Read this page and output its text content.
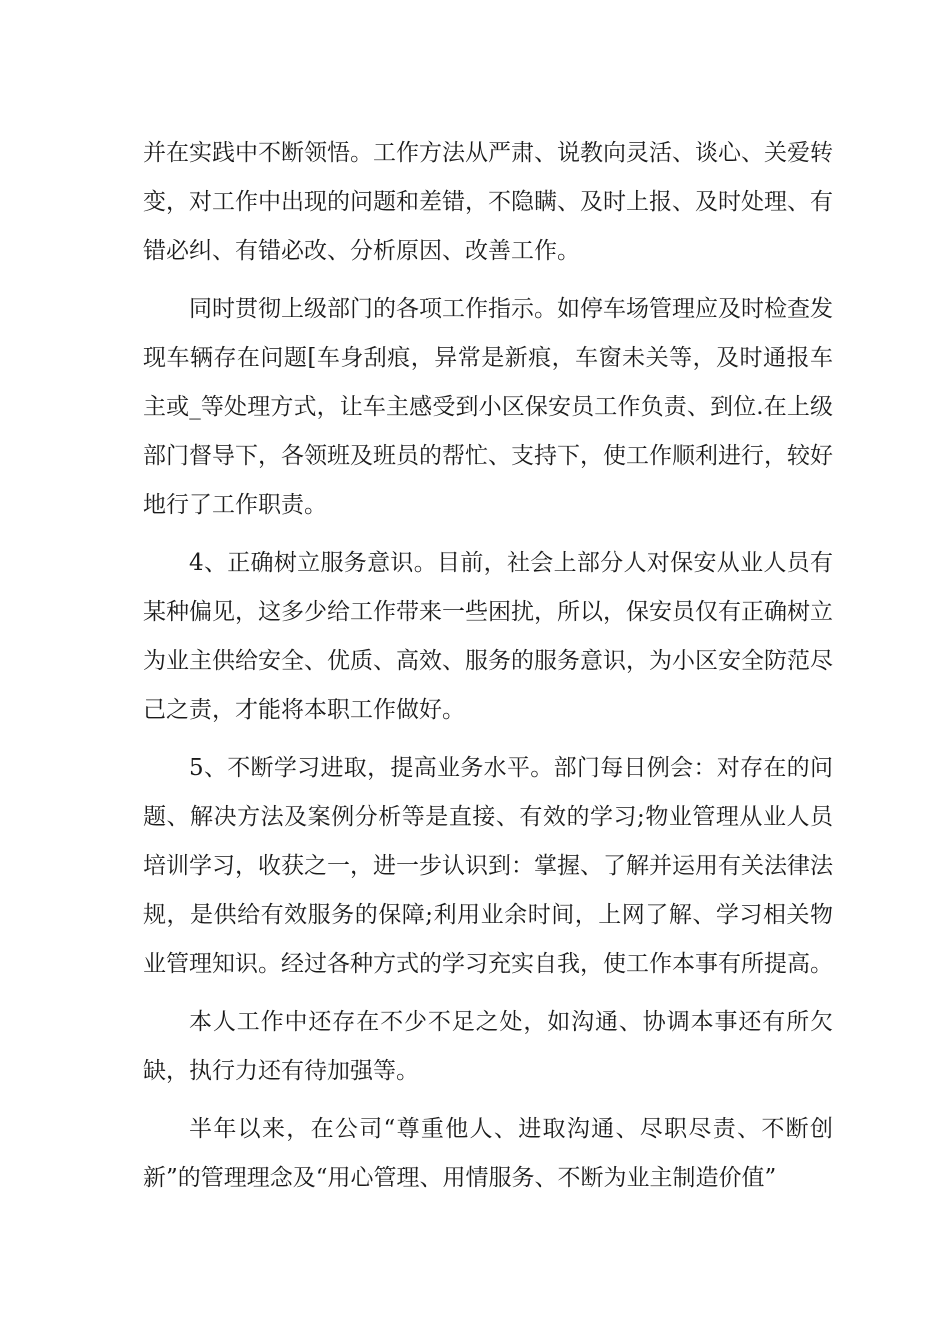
并在实践中不断领悟。工作方法从严肃、说教向灵活、谈心、关爱转变，对工作中出现的问题和差错，不隐瞒、及时上报、及时处理、有错必纠、有错必改、分析原因、改善工作。

同时贯彻上级部门的各项工作指示。如停车场管理应及时检查发现车辆存在问题[车身刮痕，异常是新痕，车窗未关等，及时通报车主或_等处理方式，让车主感受到小区保安员工作负责、到位.在上级部门督导下，各领班及班员的帮忙、支持下，使工作顺利进行，较好地行了工作职责。

4、正确树立服务意识。目前，社会上部分人对保安从业人员有某种偏见，这多少给工作带来一些困扰，所以，保安员仅有正确树立为业主供给安全、优质、高效、服务的服务意识，为小区安全防范尽己之责，才能将本职工作做好。

5、不断学习进取，提高业务水平。部门每日例会：对存在的问题、解决方法及案例分析等是直接、有效的学习;物业管理从业人员培训学习，收获之一，进一步认识到：掌握、了解并运用有关法律法规，是供给有效服务的保障;利用业余时间，上网了解、学习相关物业管理知识。经过各种方式的学习充实自我，使工作本事有所提高。

本人工作中还存在不少不足之处，如沟通、协调本事还有所欠缺，执行力还有待加强等。

半年以来，在公司“尊重他人、进取沟通、尽职尽责、不断创新”的管理理念及“用心管理、用情服务、不断为业主制造价值”
